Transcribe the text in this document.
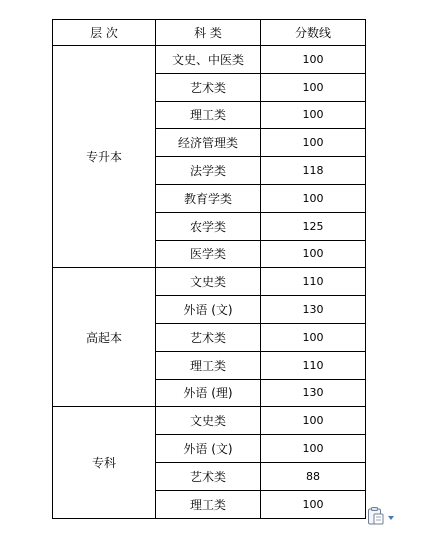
层 次	科 类	分数线
专升本	文史、中医类	100
	艺术类	100
	理工类	100
	经济管理类	100
	法学类	118
	教育学类	100
	农学类	125
	医学类	100
高起本	文史类	110
	外语 (文)	130
	艺术类	100
	理工类	110
	外语 (理)	130
专科	文史类	100
	外语 (文)	100
	艺术类	88
	理工类	100
